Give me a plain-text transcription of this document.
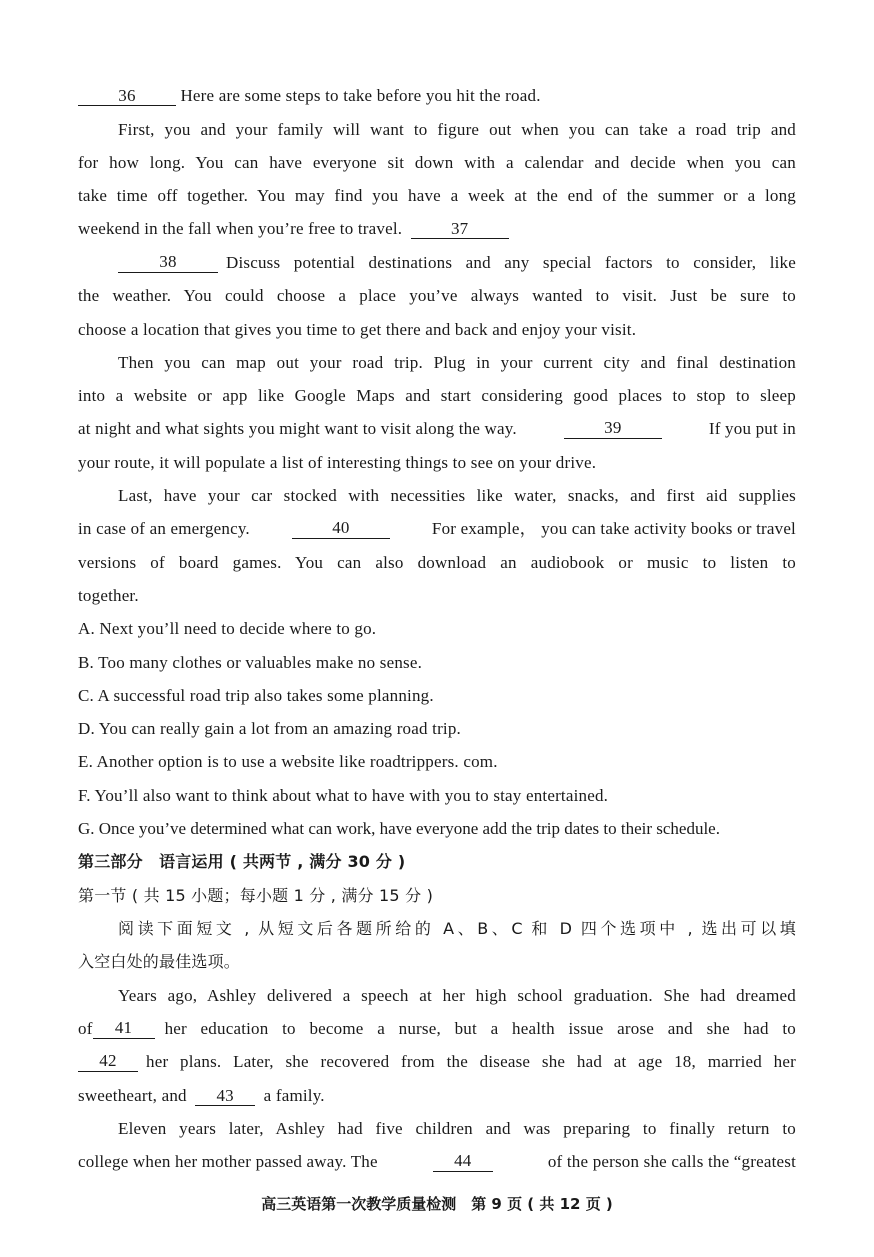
36	Here are some steps to take before you hit the road.
First, you and your family will want to figure out when you can take a road trip and
for how long. You can have everyone sit down with a calendar and decide when you can
take time off together. You may find you have a week at the end of the summer or a long
weekend in the fall when you’re free to travel.	37
38	Discuss potential destinations and any special factors to consider, like
the weather. You could choose a place you’ve always wanted to visit. Just be sure to
choose a location that gives you time to get there and back and enjoy your visit.
Then you can map out your road trip. Plug in your current city and final destination
into a website or app like Google Maps and start considering good places to stop to sleep
at night and what sights you might want to visit along the way.	39	If you put in
your route, it will populate a list of interesting things to see on your drive.
Last, have your car stocked with necessities like water, snacks, and first aid supplies
in case of an emergency.	40	For example， you can take activity books or travel
versions of board games. You can also download an audiobook or music to listen to
together.
A. Next you’ll need to decide where to go.
B. Too many clothes or valuables make no sense.
C. A successful road trip also takes some planning.
D. You can really gain a lot from an amazing road trip.
E. Another option is to use a website like roadtrippers. com.
F. You’ll also want to think about what to have with you to stay entertained.
G. Once you’ve determined what can work, have everyone add the trip dates to their schedule.
第三部分　语言运用 ( 共两节 , 满分 30 分 )
第一节 ( 共 15 小题；每小题 1 分 , 满分 15 分 )
阅读下面短文 , 从短文后各题所给的 A、B、C 和 D 四个选项中 , 选出可以填
入空白处的最佳选项。
Years ago, Ashley delivered a speech at her high school graduation. She had dreamed
of	41	her education to become a nurse, but a health issue arose and she had to
42	her plans. Later, she recovered from the disease she had at age 18, married her
sweetheart, and 43 a family.
Eleven years later, Ashley had five children and was preparing to finally return to
college when her mother passed away. The	44	of the person she calls the “greatest
高三英语第一次教学质量检测　第 9 页 ( 共 12 页 )
